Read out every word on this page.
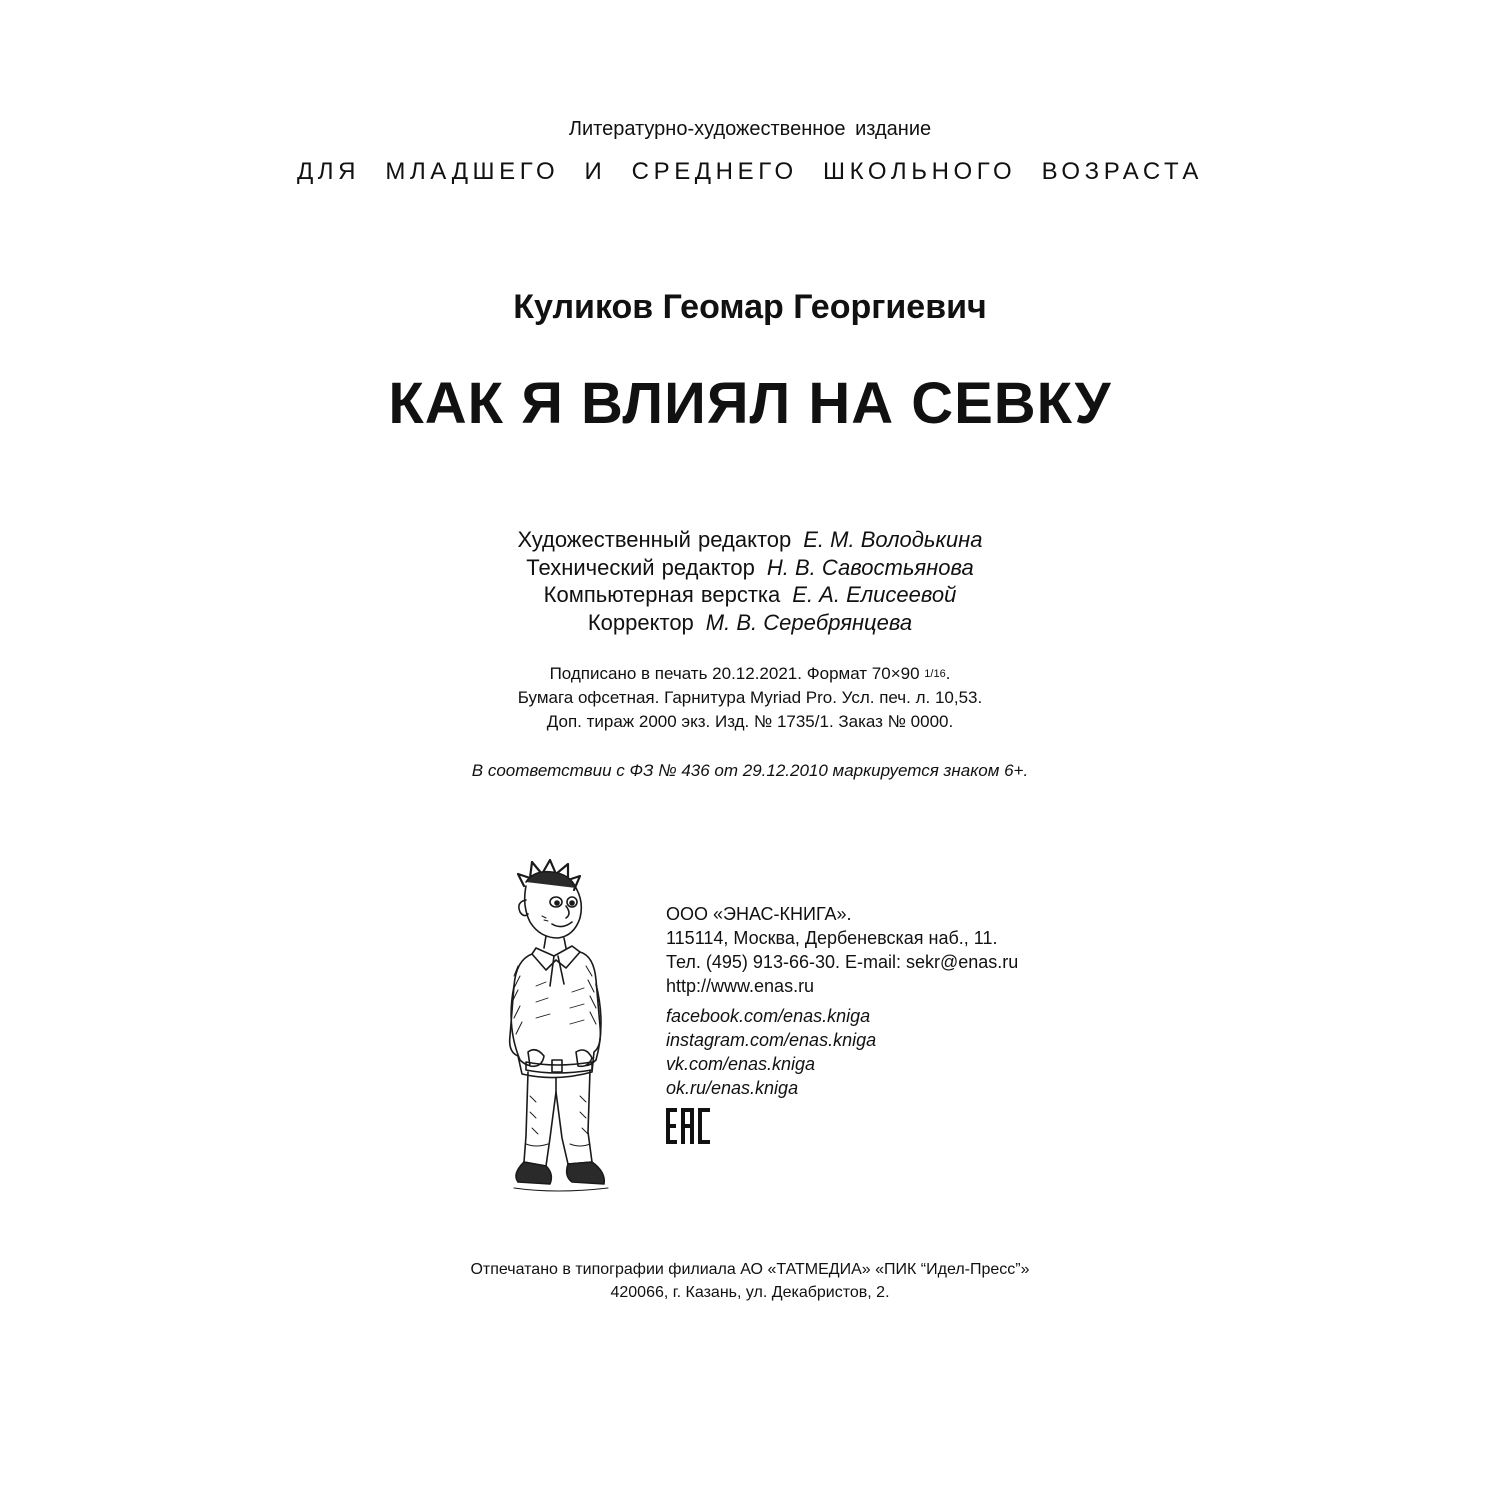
Литературно-художественное издание
ДЛЯ МЛАДШЕГО И СРЕДНЕГО ШКОЛЬНОГО ВОЗРАСТА
Куликов Геомар Георгиевич
КАК Я ВЛИЯЛ НА СЕВКУ
Художественный редактор Е. М. Володькина
Технический редактор Н. В. Савостьянова
Компьютерная верстка Е. А. Елисеевой
Корректор М. В. Серебрянцева
Подписано в печать 20.12.2021. Формат 70×90 1/16.
Бумага офсетная. Гарнитура Myriad Pro. Усл. печ. л. 10,53.
Доп. тираж 2000 экз. Изд. № 1735/1. Заказ № 0000.
В соответствии с ФЗ № 436 от 29.12.2010 маркируется знаком 6+.
ООО «ЭНАС-КНИГА».
115114, Москва, Дербеневская наб., 11.
Тел. (495) 913-66-30. E-mail: sekr@enas.ru
http://www.enas.ru
facebook.com/enas.kniga
instagram.com/enas.kniga
vk.com/enas.kniga
ok.ru/enas.kniga
Отпечатано в типографии филиала АО «ТАТМЕДИА» «ПИК “Идел-Пресс”»
420066, г. Казань, ул. Декабристов, 2.
